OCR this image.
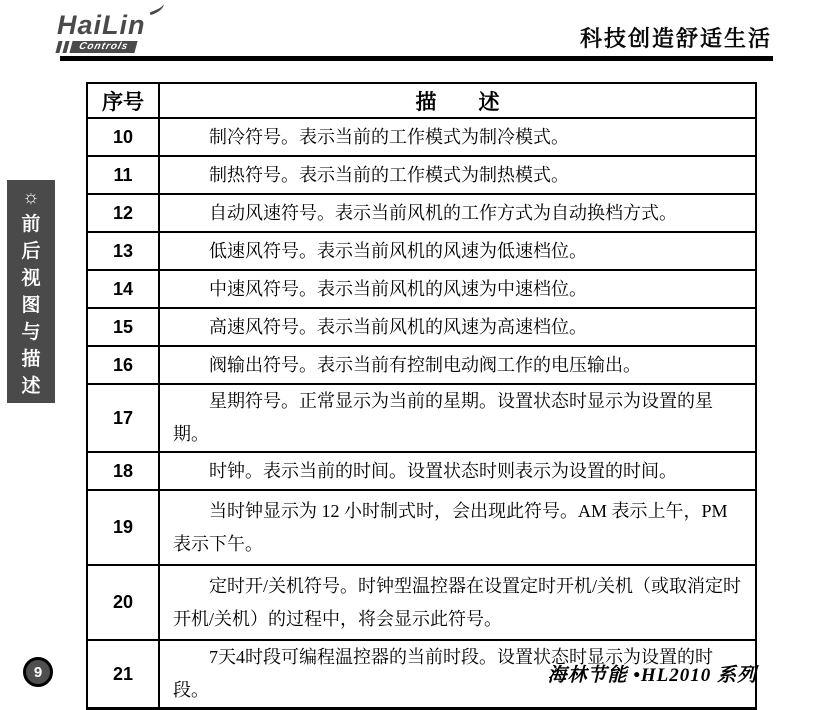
HaiLin
Controls	科技创造舒适生活
☼
前
后
视
图
与
描
述
序号	描        述
10	制冷符号。表示当前的工作模式为制冷模式。
11	制热符号。表示当前的工作模式为制热模式。
12	自动风速符号。表示当前风机的工作方式为自动换档方式。
13	低速风符号。表示当前风机的风速为低速档位。
14	中速风符号。表示当前风机的风速为中速档位。
15	高速风符号。表示当前风机的风速为高速档位。
16	阀输出符号。表示当前有控制电动阀工作的电压输出。
17	星期符号。正常显示为当前的星期。设置状态时显示为设置的星期。
18	时钟。表示当前的时间。设置状态时则表示为设置的时间。
19	当时钟显示为 12 小时制式时，会出现此符号。AM 表示上午，PM 表示下午。
20	定时开/关机符号。时钟型温控器在设置定时开机/关机（或取消定时开机/关机）的过程中，将会显示此符号。
21	7天4时段可编程温控器的当前时段。设置状态时显示为设置的时段。
9	海林节能 •HL2010 系列
